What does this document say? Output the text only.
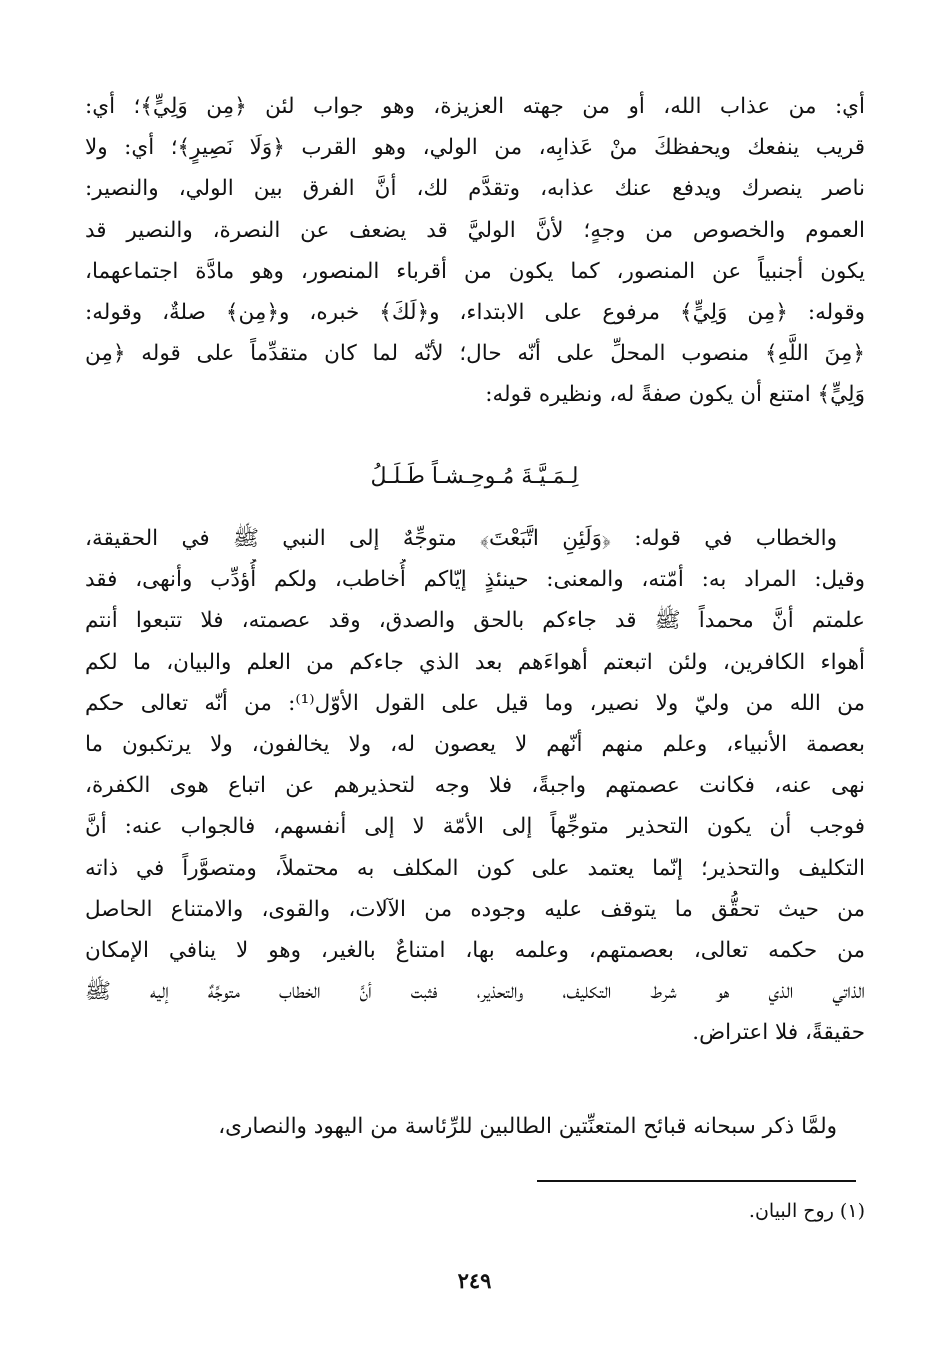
أي: من عذاب الله، أو من جهته العزيزة، وهو جواب لئن ﴿مِن وَلِيٍّ﴾؛ أي:
قريب ينفعك ويحفظكَ منْ عَذابِه، من الولي، وهو القرب ﴿وَلَا نَصِيرٍ﴾؛ أي: ولا
ناصر ينصرك ويدفع عنك عذابه، وتقدَّم لك، أنَّ الفرق بين الولي، والنصير:
العموم والخصوص من وجهٍ؛ لأنَّ الوليَّ قد يضعف عن النصرة، والنصير قد
يكون أجنبياً عن المنصور، كما يكون من أقرباء المنصور، وهو مادَّة اجتماعهما،
وقوله: ﴿مِن وَلِيٍّ﴾ مرفوع على الابتداء، و﴿لَكَ﴾ خبره، و﴿مِن﴾ صلةٌ، وقوله:
﴿مِنَ اللَّهِ﴾ منصوب المحلِّ على أنّه حال؛ لأنّه لما كان متقدِّماً على قوله ﴿مِن
وَلِيٍّ﴾ امتنع أن يكون صفةً له، ونظيره قوله:
لِـمَـيَّـةَ مُـوحِـشـاً طَـلَـلُ
والخطاب في قوله: ﴿وَلَئِنِ اتَّبَعْتَ﴾ متوجِّهٌ إلى النبي ﷺ في الحقيقة،
وقيل: المراد به: أمّته، والمعنى: حينئذٍ إيّاكم أُخاطب، ولكم أُؤدِّب وأنهى، فقد
علمتم أنَّ محمداً ﷺ قد جاءكم بالحق والصدق، وقد عصمته، فلا تتبعوا أنتم
أهواء الكافرين، ولئن اتبعتم أهواءَهم بعد الذي جاءكم من العلم والبيان، ما لكم
من الله من وليّ ولا نصير، وما قيل على القول الأوّل⁽¹⁾: من أنّه تعالى حكم
بعصمة الأنبياء، وعلم منهم أنّهم لا يعصون له، ولا يخالفون، ولا يرتكبون ما
نهى عنه، فكانت عصمتهم واجبةً، فلا وجه لتحذيرهم عن اتباع هوى الكفرة،
فوجب أن يكون التحذير متوجِّهاً إلى الأمّة لا إلى أنفسهم، فالجواب عنه: أنَّ
التكليف والتحذير؛ إنّما يعتمد على كون المكلف به محتملاً، ومتصوَّراً في ذاته
من حيث تحقُّق ما يتوقف عليه وجوده من الآلات، والقوى، والامتناع الحاصل
من حكمه تعالى، بعصمتهم، وعلمه بها، امتناعٌ بالغير، وهو لا ينافي الإمكان
الذاتي الذي هو شرط التكليف، والتحذير، فثبت أنَّ الخطاب متوجِّهٌ إليه ﷺ
حقيقةً، فلا اعتراض.
ولمَّا ذكر سبحانه قبائح المتعنِّتين الطالبين للرِّئاسة من اليهود والنصارى،
(١) روح البيان.
٢٤٩
